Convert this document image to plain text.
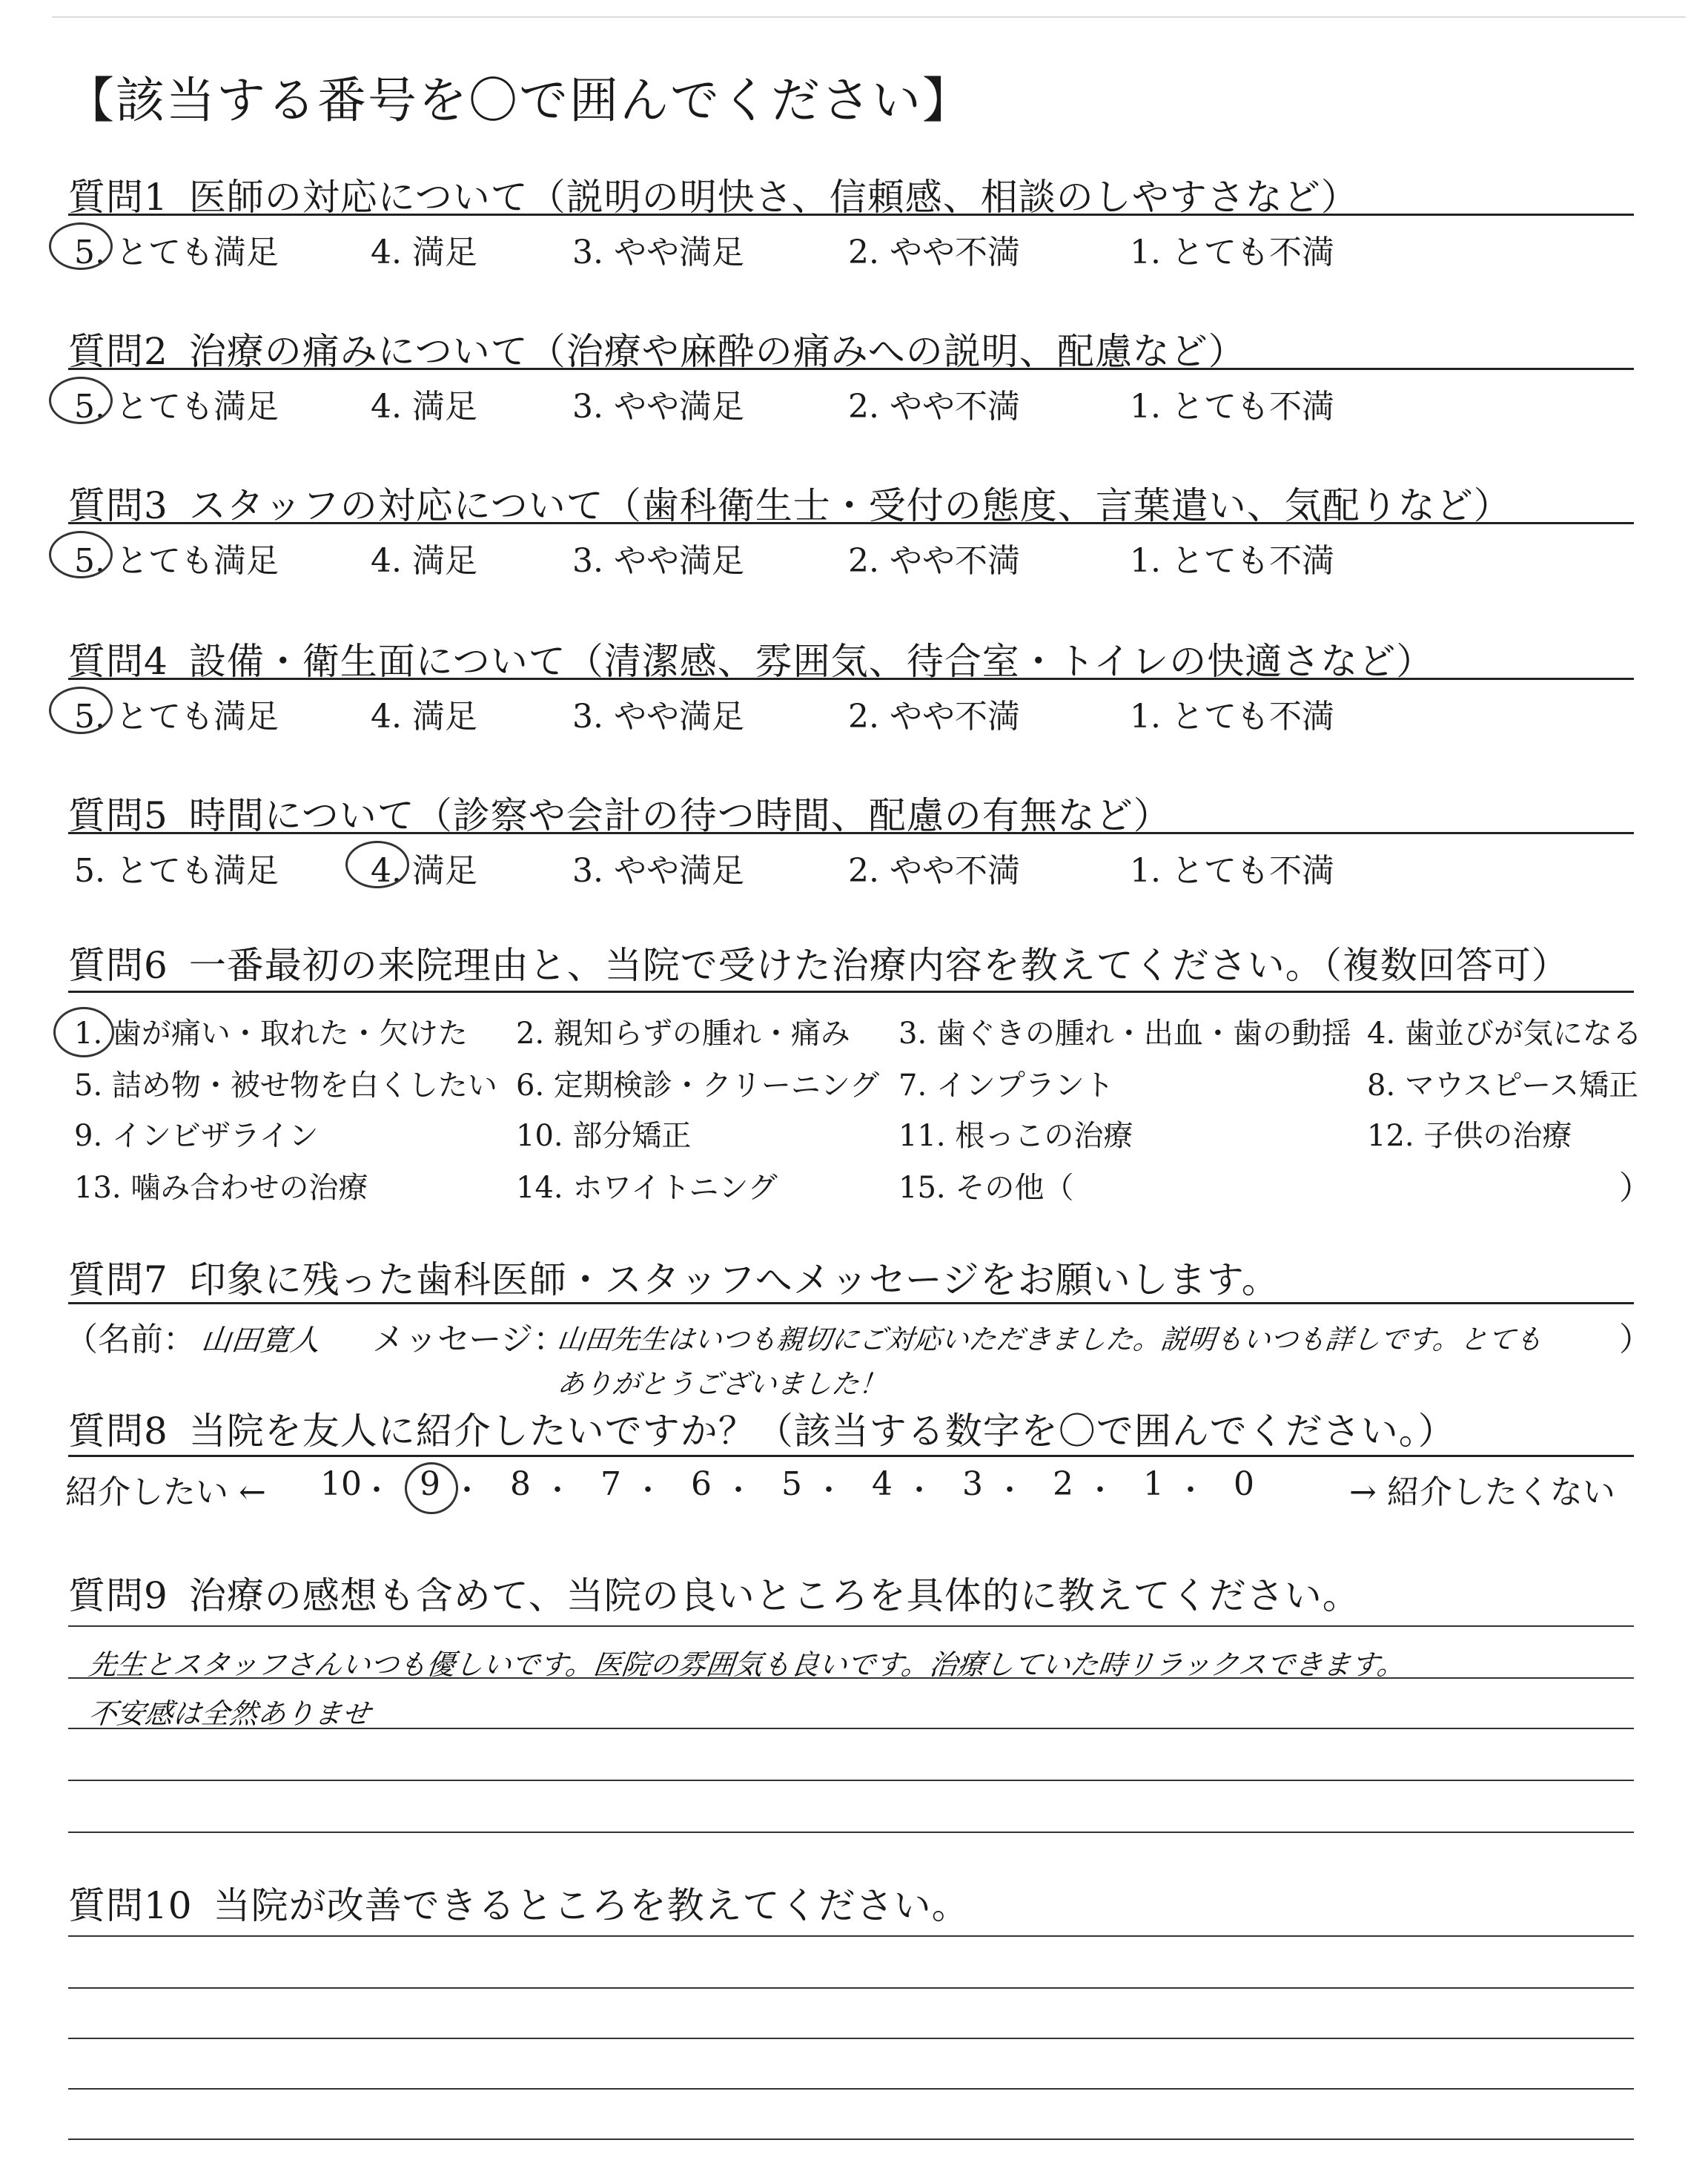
【該当する番号を〇で囲んでください】
質問1 医師の対応について（説明の明快さ、信頼感、相談のしやすさなど）
5. とても満足	4. 満足	3. やや満足	2. やや不満	1. とても不満
質問2 治療の痛みについて（治療や麻酔の痛みへの説明、配慮など）
5. とても満足	4. 満足	3. やや満足	2. やや不満	1. とても不満
質問3 スタッフの対応について（歯科衛生士・受付の態度、言葉遣い、気配りなど）
5. とても満足	4. 満足	3. やや満足	2. やや不満	1. とても不満
質問4 設備・衛生面について（清潔感、雰囲気、待合室・トイレの快適さなど）
5. とても満足	4. 満足	3. やや満足	2. やや不満	1. とても不満
質問5 時間について（診察や会計の待つ時間、配慮の有無など）
5. とても満足	4. 満足	3. やや満足	2. やや不満	1. とても不満
質問6 一番最初の来院理由と、当院で受けた治療内容を教えてください。（複数回答可）
1. 歯が痛い・取れた・欠けた 2. 親知らずの腫れ・痛み 3. 歯ぐきの腫れ・出血・歯の動揺 4. 歯並びが気になる
5. 詰め物・被せ物を白くしたい 6. 定期検診・クリーニング 7. インプラント	8. マウスピース矯正
9. インビザライン	10. 部分矯正	11. 根っこの治療	12. 子供の治療
13. 噛み合わせの治療	14. ホワイトニング	15. その他（	）
質問7 印象に残った歯科医師・スタッフへメッセージをお願いします。
（名前： 山田寛人 メッセージ：
山田先生はいつも親切にご対応いただきました。説明もいつも詳しです。とても
ありがとうございました！
）
質問8 当院を友人に紹介したいですか？（該当する数字を〇で囲んでください。）
紹介したい ← 10 ・ 9 ・ 8 ・ 7 ・ 6 ・ 5 ・ 4 ・ 3 ・ 2 ・ 1 ・ 0	→ 紹介したくない
質問9 治療の感想も含めて、当院の良いところを具体的に教えてください。
先生とスタッフさんいつも優しいです。医院の雰囲気も良いです。治療していた時リラックスできます。
不安感は全然ありませ
質問10 当院が改善できるところを教えてください。
